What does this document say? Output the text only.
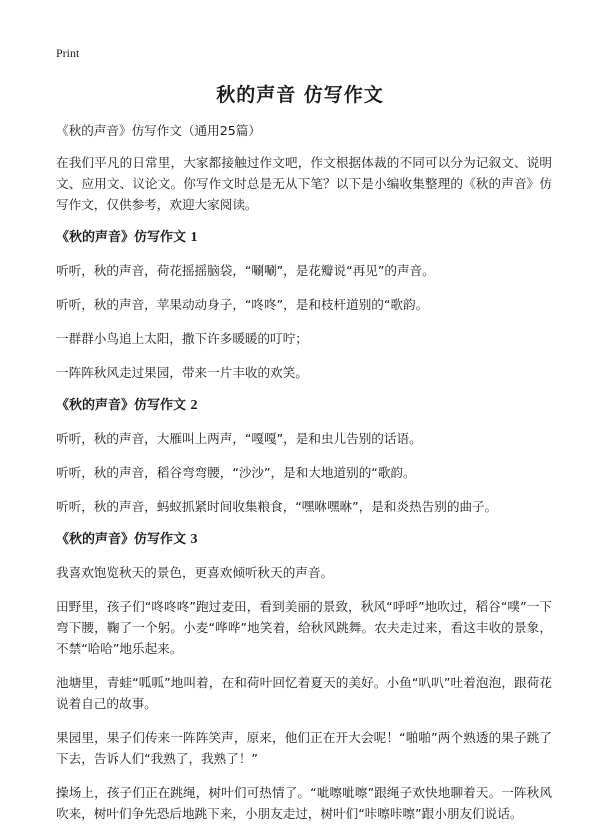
Print
秋的声音 仿写作文
《秋的声音》仿写作文（通用25篇）
在我们平凡的日常里，大家都接触过作文吧，作文根据体裁的不同可以分为记叙文、说明文、应用文、议论文。你写作文时总是无从下笔？以下是小编收集整理的《秋的声音》仿写作文，仅供参考，欢迎大家阅读。
《秋的声音》仿写作文 1
听听，秋的声音，荷花摇摇脑袋，“唰唰”，是花瓣说“再见”的声音。
听听，秋的声音，苹果动动身子，“咚咚”，是和枝杆道别的“歌韵。
一群群小鸟追上太阳，撒下许多暖暖的叮咛；
一阵阵秋风走过果园，带来一片丰收的欢笑。
《秋的声音》仿写作文 2
听听，秋的声音，大雁叫上两声，“嘎嘎”，是和虫儿告别的话语。
听听，秋的声音，稻谷弯弯腰，“沙沙”，是和大地道别的“歌韵。
听听，秋的声音，蚂蚁抓紧时间收集粮食，“嘿咻嘿咻”，是和炎热告别的曲子。
《秋的声音》仿写作文 3
我喜欢饱览秋天的景色，更喜欢倾听秋天的声音。
田野里，孩子们“咚咚咚”跑过麦田，看到美丽的景致，秋风“呼呼”地吹过，稻谷“噗”一下弯下腰，鞠了一个躬。小麦“哗哗”地笑着，给秋风跳舞。农夫走过来，看这丰收的景象，不禁“哈哈”地乐起来。
池塘里，青蛙“呱呱”地叫着，在和荷叶回忆着夏天的美好。小鱼“叭叭”吐着泡泡，跟荷花说着自己的故事。
果园里，果子们传来一阵阵笑声，原来，他们正在开大会呢！“啪啪”两个熟透的果子跳了下去，告诉人们“我熟了，我熟了！”
操场上，孩子们正在跳绳，树叶们可热情了。“呲嚓呲嚓”跟绳子欢快地聊着天。一阵秋风吹来，树叶们争先恐后地跳下来，小朋友走过，树叶们“咔嚓咔嚓”跟小朋友们说话。
